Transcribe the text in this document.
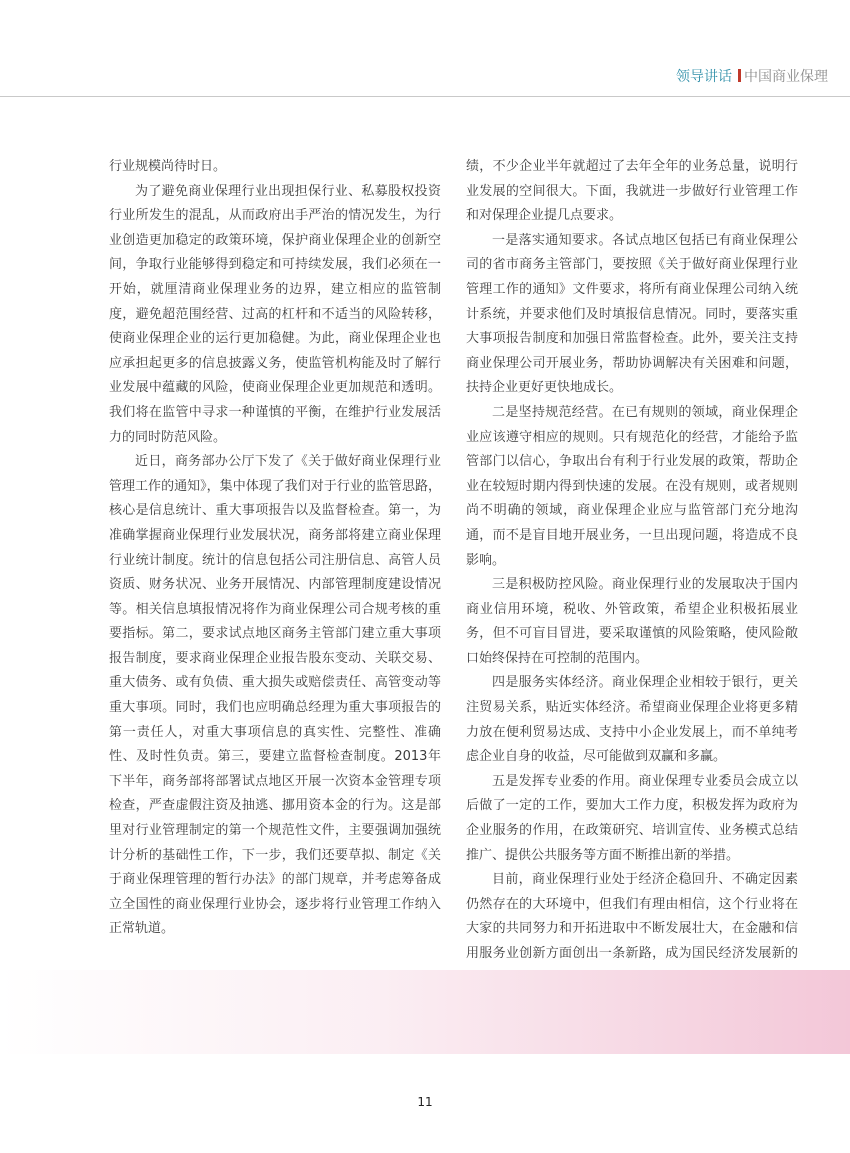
领导讲话 中国商业保理

行业规模尚待时日。

为了避免商业保理行业出现担保行业、私募股权投资行业所发生的混乱，从而政府出手严治的情况发生，为行业创造更加稳定的政策环境，保护商业保理企业的创新空间，争取行业能够得到稳定和可持续发展，我们必须在一开始，就厘清商业保理业务的边界，建立相应的监管制度，避免超范围经营、过高的杠杆和不适当的风险转移，使商业保理企业的运行更加稳健。为此，商业保理企业也应承担起更多的信息披露义务，使监管机构能及时了解行业发展中蕴藏的风险，使商业保理企业更加规范和透明。我们将在监管中寻求一种谨慎的平衡，在维护行业发展活力的同时防范风险。

近日，商务部办公厅下发了《关于做好商业保理行业管理工作的通知》，集中体现了我们对于行业的监管思路，核心是信息统计、重大事项报告以及监督检查。第一，为准确掌握商业保理行业发展状况，商务部将建立商业保理行业统计制度。统计的信息包括公司注册信息、高管人员资质、财务状况、业务开展情况、内部管理制度建设情况等。相关信息填报情况将作为商业保理公司合规考核的重要指标。第二，要求试点地区商务主管部门建立重大事项报告制度，要求商业保理企业报告股东变动、关联交易、重大债务、或有负债、重大损失或赔偿责任、高管变动等重大事项。同时，我们也应明确总经理为重大事项报告的第一责任人，对重大事项信息的真实性、完整性、准确性、及时性负责。第三，要建立监督检查制度。2013年下半年，商务部将部署试点地区开展一次资本金管理专项检查，严查虚假注资及抽逃、挪用资本金的行为。这是部里对行业管理制定的第一个规范性文件，主要强调加强统计分析的基础性工作，下一步，我们还要草拟、制定《关于商业保理管理的暂行办法》的部门规章，并考虑筹备成立全国性的商业保理行业协会，逐步将行业管理工作纳入正常轨道。

绩，不少企业半年就超过了去年全年的业务总量，说明行业发展的空间很大。下面，我就进一步做好行业管理工作和对保理企业提几点要求。

一是落实通知要求。各试点地区包括已有商业保理公司的省市商务主管部门，要按照《关于做好商业保理行业管理工作的通知》文件要求，将所有商业保理公司纳入统计系统，并要求他们及时填报信息情况。同时，要落实重大事项报告制度和加强日常监督检查。此外，要关注支持商业保理公司开展业务，帮助协调解决有关困难和问题，扶持企业更好更快地成长。

二是坚持规范经营。在已有规则的领域，商业保理企业应该遵守相应的规则。只有规范化的经营，才能给予监管部门以信心，争取出台有利于行业发展的政策，帮助企业在较短时期内得到快速的发展。在没有规则，或者规则尚不明确的领域，商业保理企业应与监管部门充分地沟通，而不是盲目地开展业务，一旦出现问题，将造成不良影响。

三是积极防控风险。商业保理行业的发展取决于国内商业信用环境，税收、外管政策，希望企业积极拓展业务，但不可盲目冒进，要采取谨慎的风险策略，使风险敞口始终保持在可控制的范围内。

四是服务实体经济。商业保理企业相较于银行，更关注贸易关系，贴近实体经济。希望商业保理企业将更多精力放在便利贸易达成、支持中小企业发展上，而不单纯考虑企业自身的收益，尽可能做到双赢和多赢。

五是发挥专业委的作用。商业保理专业委员会成立以后做了一定的工作，要加大工作力度，积极发挥为政府为企业服务的作用，在政策研究、培训宣传、业务模式总结推广、提供公共服务等方面不断推出新的举措。

目前，商业保理行业处于经济企稳回升、不确定因素仍然存在的大环境中，但我们有理由相信，这个行业将在大家的共同努力和开拓进取中不断发展壮大，在金融和信用服务业创新方面创出一条新路，成为国民经济发展新的

11
